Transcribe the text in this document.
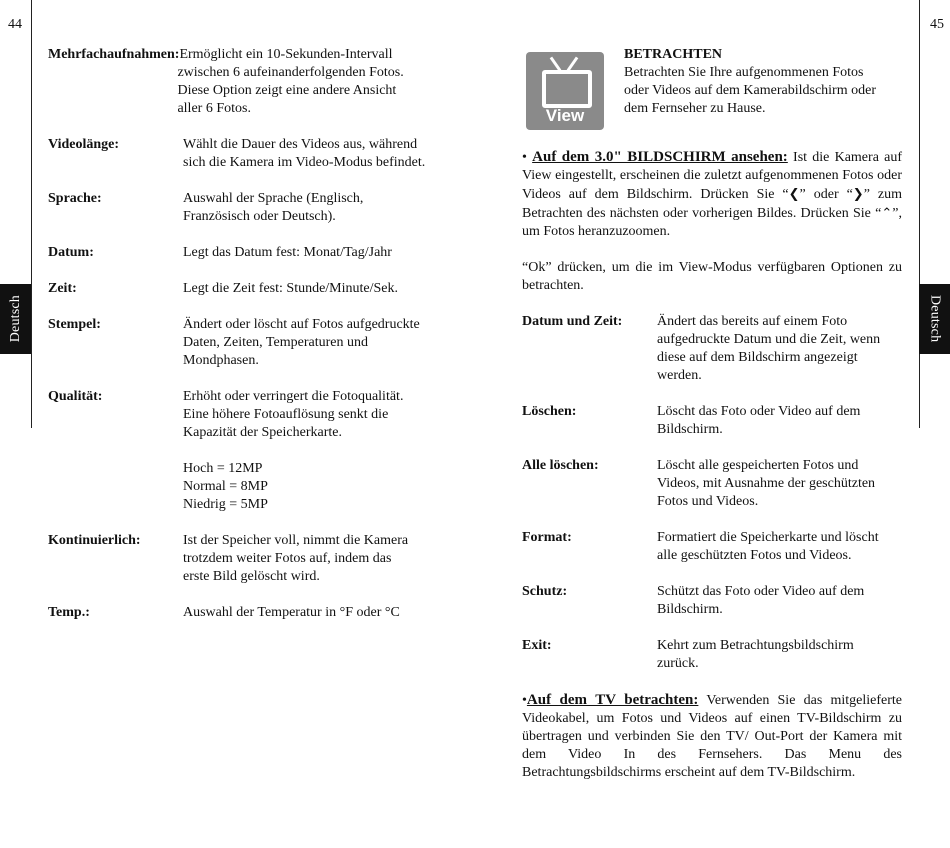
44	45
Deutsch	Deutsch
Mehrfachaufnahmen: Ermöglicht ein 10-Sekunden-Intervall
zwischen 6 aufeinanderfolgenden Fotos.
Diese Option zeigt eine andere Ansicht
aller 6 Fotos.
Videolänge:	Wählt die Dauer des Videos aus, während
sich die Kamera im Video-Modus befindet.
Sprache:	Auswahl der Sprache (Englisch,
Französisch oder Deutsch).
Datum:	Legt das Datum fest: Monat/Tag/Jahr
Zeit:	Legt die Zeit fest: Stunde/Minute/Sek.
Stempel:	Ändert oder löscht auf Fotos aufgedruckte
Daten, Zeiten, Temperaturen und
Mondphasen.
Qualität:	Erhöht oder verringert die Fotoqualität.
Eine höhere Fotoauflösung senkt die
Kapazität der Speicherkarte.
Hoch = 12MP
Normal = 8MP
Niedrig = 5MP
Kontinuierlich:	Ist der Speicher voll, nimmt die Kamera
trotzdem weiter Fotos auf, indem das
erste Bild gelöscht wird.
Temp.:	Auswahl der Temperatur in °F oder °C
View
BETRACHTEN
Betrachten Sie Ihre aufgenommenen Fotos
oder Videos auf dem Kamerabildschirm oder
dem Fernseher zu Hause.
• Auf dem 3.0" BILDSCHIRM ansehen: Ist die Kamera auf View eingestellt, erscheinen die zuletzt aufgenommenen Fotos oder Videos auf dem Bildschirm. Drücken Sie “❮” oder “❯” zum Betrachten des nächsten oder vorherigen Bildes. Drücken Sie “⌃”, um Fotos heranzuzoomen.
“Ok” drücken, um die im View-Modus verfügbaren Optionen zu betrachten.
Datum und Zeit:	Ändert das bereits auf einem Foto
aufgedruckte Datum und die Zeit, wenn
diese auf dem Bildschirm angezeigt
werden.
Löschen:	Löscht das Foto oder Video auf dem
Bildschirm.
Alle löschen:	Löscht alle gespeicherten Fotos und
Videos, mit Ausnahme der geschützten
Fotos und Videos.
Format:	Formatiert die Speicherkarte und löscht
alle geschützten Fotos und Videos.
Schutz:	Schützt das Foto oder Video auf dem
Bildschirm.
Exit:	Kehrt zum Betrachtungsbildschirm
zurück.
•Auf dem TV betrachten: Verwenden Sie das mitgelieferte Videokabel, um Fotos und Videos auf einen TV-Bildschirm zu übertragen und verbinden Sie den TV/ Out-Port der Kamera mit dem Video In des Fernsehers. Das Menu des Betrachtungsbildschirms erscheint auf dem TV-Bildschirm.
